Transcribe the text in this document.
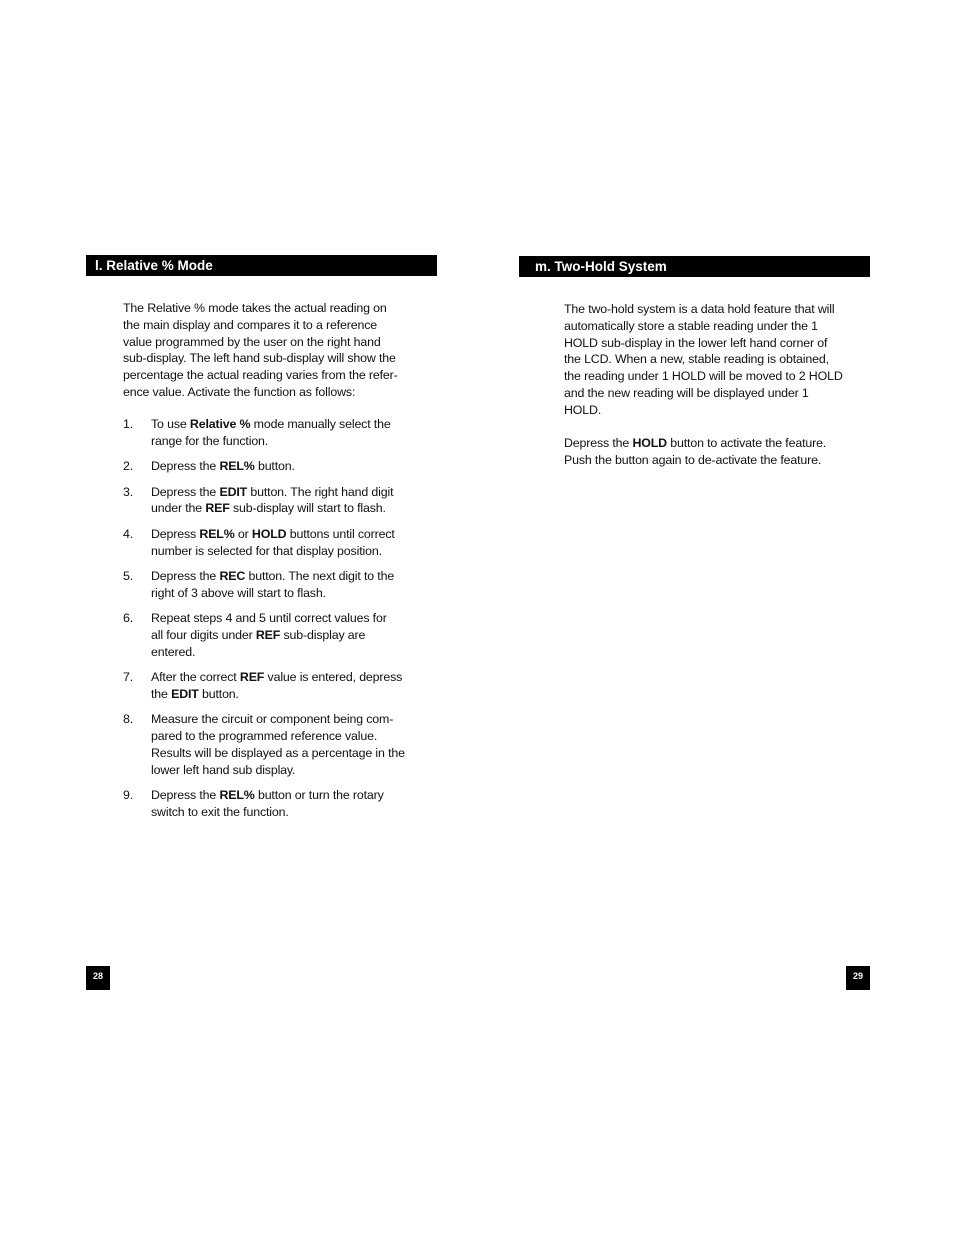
l. Relative % Mode
The Relative % mode takes the actual reading on
the main display and compares it to a reference
value programmed by the user on the right hand
sub-display. The left hand sub-display will show the
percentage the actual reading varies from the refer-
ence value. Activate the function as follows:
1. To use Relative % mode manually select the
range for the function.
2. Depress the REL% button.
3. Depress the EDIT button. The right hand digit
under the REF sub-display will start to flash.
4. Depress REL% or HOLD buttons until correct
number is selected for that display position.
5. Depress the REC button. The next digit to the
right of 3 above will start to flash.
6. Repeat steps 4 and 5 until correct values for
all four digits under REF sub-display are
entered.
7. After the correct REF value is entered, depress
the EDIT button.
8. Measure the circuit or component being com-
pared to the programmed reference value.
Results will be displayed as a percentage in the
lower left hand sub display.
9. Depress the REL% button or turn the rotary
switch to exit the function.
28
m. Two-Hold System
The two-hold system is a data hold feature that will
automatically store a stable reading under the 1
HOLD sub-display in the lower left hand corner of
the LCD. When a new, stable reading is obtained,
the reading under 1 HOLD will be moved to 2 HOLD
and the new reading will be displayed under 1
HOLD.
Depress the HOLD button to activate the feature.
Push the button again to de-activate the feature.
29
